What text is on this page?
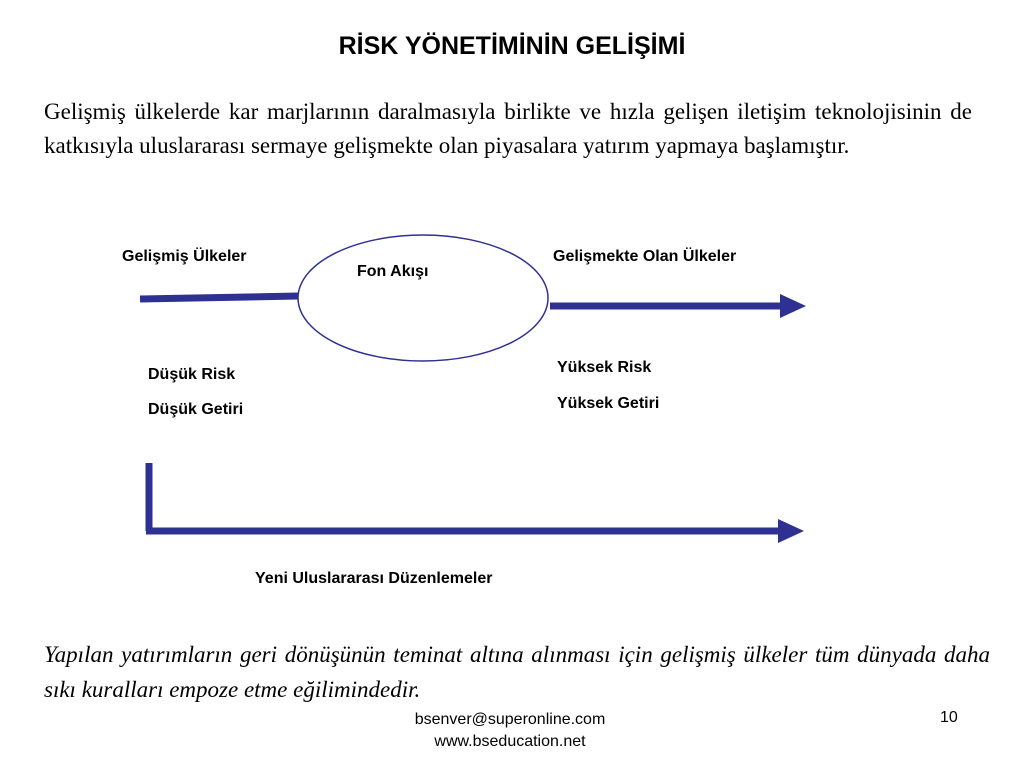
RİSK YÖNETİMİNİN GELİŞİMİ
Gelişmiş ülkelerde kar marjlarının daralmasıyla birlikte ve hızla gelişen iletişim teknolojisinin de katkısıyla uluslararası sermaye gelişmekte olan piyasalara yatırım yapmaya başlamıştır.
Gelişmiş Ülkeler	Gelişmekte Olan Ülkeler
Fon Akışı
Düşük Risk
Düşük Getiri
Yüksek Risk
Yüksek Getiri
Yeni Uluslararası Düzenlemeler
Yapılan yatırımların geri dönüşünün teminat altına alınması için gelişmiş ülkeler tüm dünyada daha sıkı kuralları empoze etme eğilimindedir.
bsenver@superonline.com
www.bseducation.net
10
